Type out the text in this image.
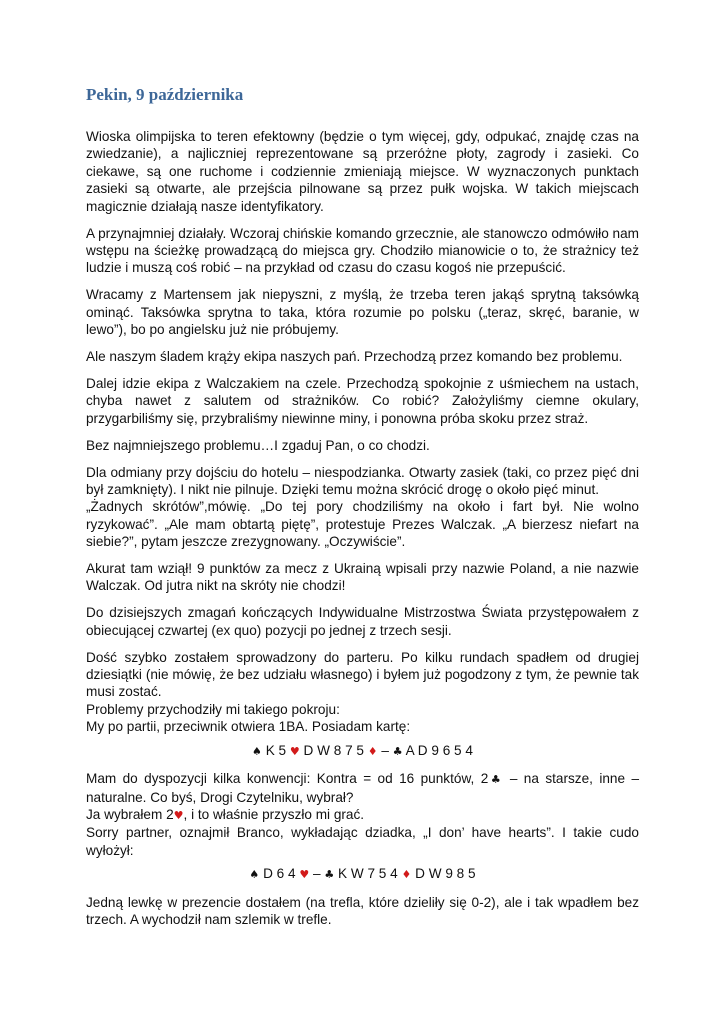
Pekin, 9 października

Wioska olimpijska to teren efektowny (będzie o tym więcej, gdy, odpukać, znajdę czas na zwiedzanie), a najliczniej reprezentowane są przeróżne płoty, zagrody i zasieki. Co ciekawe, są one ruchome i codziennie zmieniają miejsce. W wyznaczonych punktach zasieki są otwarte, ale przejścia pilnowane są przez pułk wojska. W takich miejscach magicznie działają nasze identyfikatory.

A przynajmniej działały. Wczoraj chińskie komando grzecznie, ale stanowczo odmówiło nam wstępu na ścieżkę prowadzącą do miejsca gry. Chodziło mianowicie o to, że strażnicy też ludzie i muszą coś robić – na przykład od czasu do czasu kogoś nie przepuścić.

Wracamy z Martensem jak niepyszni, z myślą, że trzeba teren jakąś sprytną taksówką ominąć. Taksówka sprytna to taka, która rozumie po polsku („teraz, skręć, baranie, w lewo”), bo po angielsku już nie próbujemy.

Ale naszym śladem krąży ekipa naszych pań. Przechodzą przez komando bez problemu.

Dalej idzie ekipa z Walczakiem na czele. Przechodzą spokojnie z uśmiechem na ustach, chyba nawet z salutem od strażników. Co robić? Założyliśmy ciemne okulary, przygarbiliśmy się, przybraliśmy niewinne miny, i ponowna próba skoku przez straż.

Bez najmniejszego problemu…I zgaduj Pan, o co chodzi.

Dla odmiany przy dojściu do hotelu – niespodzianka. Otwarty zasiek (taki, co przez pięć dni był zamknięty). I nikt nie pilnuje. Dzięki temu można skrócić drogę o około pięć minut.
„Żadnych skrótów”,mówię. „Do tej pory chodziliśmy na około i fart był. Nie wolno ryzykować”. „Ale mam obtartą piętę”, protestuje Prezes Walczak. „A bierzesz niefart na siebie?”, pytam jeszcze zrezygnowany. „Oczywiście”.

Akurat tam wziął! 9 punktów za mecz z Ukrainą wpisali przy nazwie Poland, a nie nazwie Walczak. Od jutra nikt na skróty nie chodzi!

Do dzisiejszych zmagań kończących Indywidualne Mistrzostwa Świata przystępowałem z obiecującej czwartej (ex quo) pozycji po jednej z trzech sesji.

Dość szybko zostałem sprowadzony do parteru. Po kilku rundach spadłem od drugiej dziesiątki (nie mówię, że bez udziału własnego) i byłem już pogodzony z tym, że pewnie tak musi zostać.
Problemy przychodziły mi takiego pokroju:
My po partii, przeciwnik otwiera 1BA. Posiadam kartę:

♠ K 5 ♥ D W 8 7 5 ♦ – ♣ A D 9 6 5 4

Mam do dyspozycji kilka konwencji: Kontra = od 16 punktów, 2♣ – na starsze, inne – naturalne. Co byś, Drogi Czytelniku, wybrał?
Ja wybrałem 2♥, i to właśnie przyszło mi grać.
Sorry partner, oznajmił Branco, wykładając dziadka, „I don’ have hearts”. I takie cudo wyłożył:

♠ D 6 4 ♥ – ♣ K W 7 5 4 ♦ D W 9 8 5

Jedną lewkę w prezencie dostałem (na trefla, które dzieliły się 0-2), ale i tak wpadłem bez trzech. A wychodził nam szlemik w trefle.
